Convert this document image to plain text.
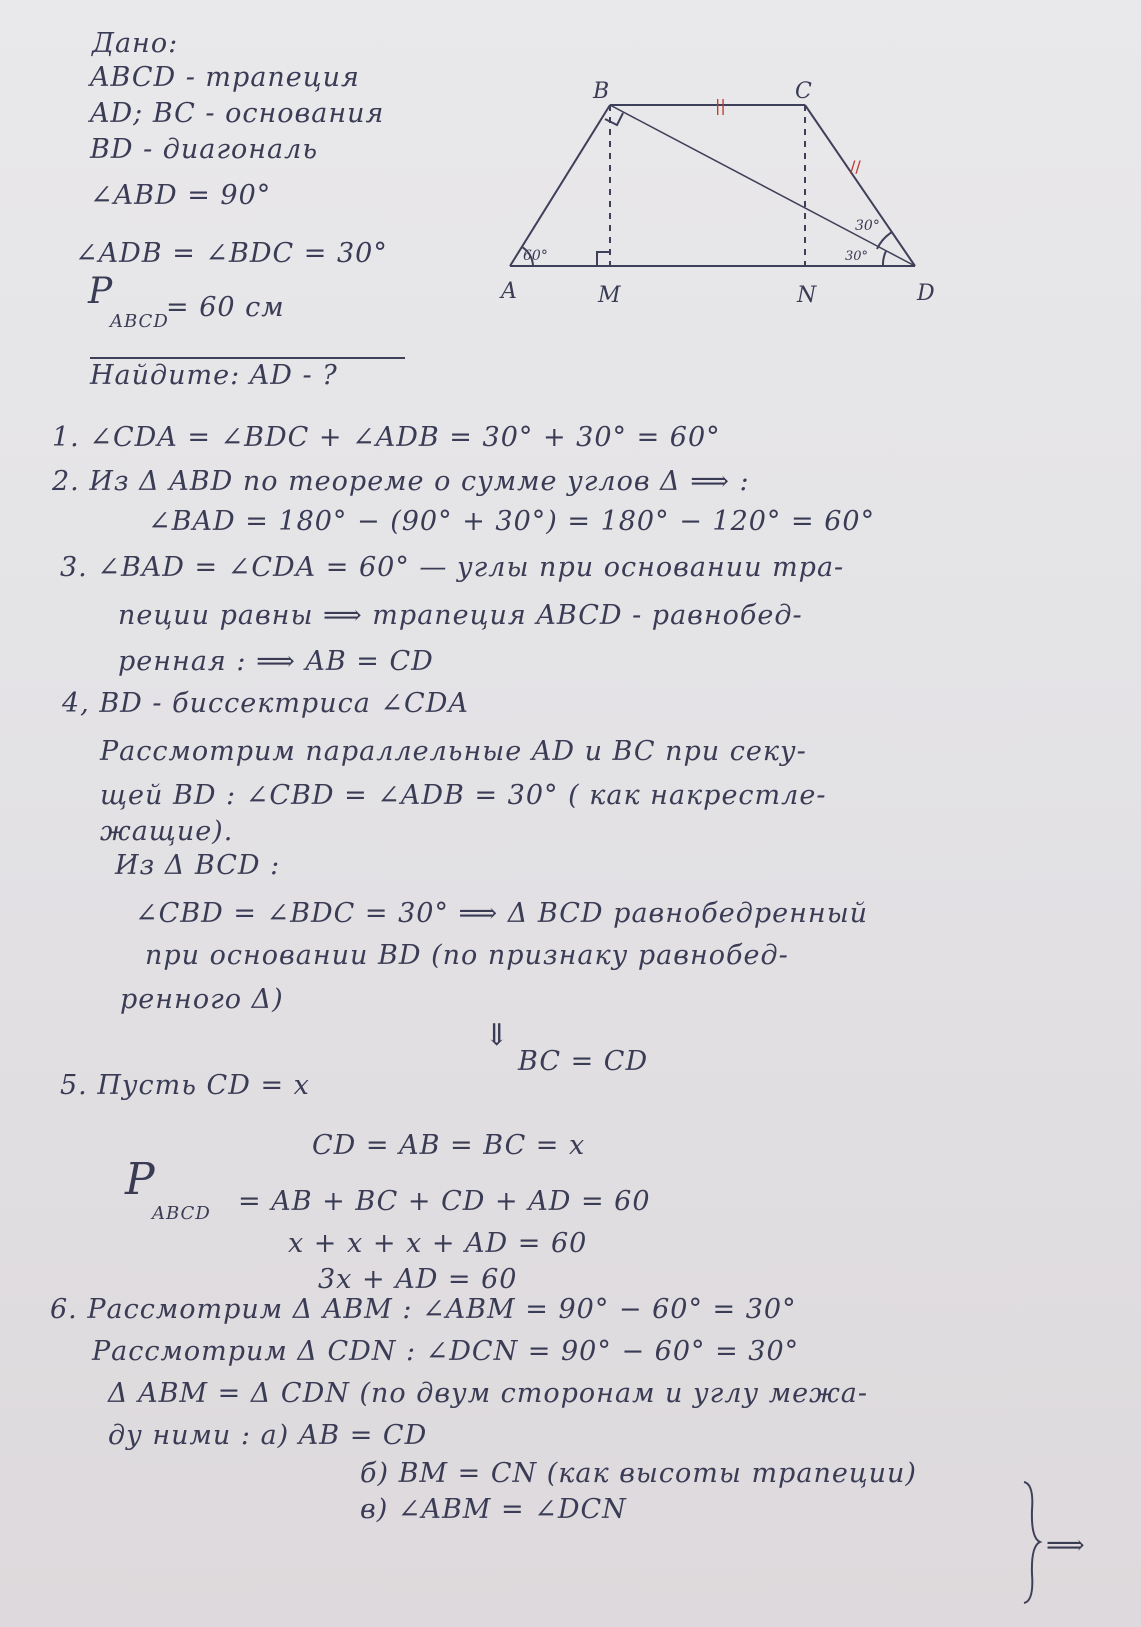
Дано:
ABCD - трапеция
AD; BC - основания
BD - диагональ
∠ABD = 90°
∠ADB = ∠BDC = 30°
P
ABCD
= 60 см
Найдите: AD - ?
60°
30°
30°
||
//
B	C
A	M	N	D
1. ∠CDA = ∠BDC + ∠ADB = 30° + 30° = 60°
2. Из Δ ABD по теореме о сумме углов Δ ⟹ :
∠BAD = 180° − (90° + 30°) = 180° − 120° = 60°
3. ∠BAD = ∠CDA = 60° — углы при основании тра-
пеции равны ⟹ трапеция ABCD - равнобед-
ренная : ⟹ AB = CD
4, BD - биссектриса ∠CDA
Рассмотрим параллельные AD и BC при секу-
щей BD : ∠CBD = ∠ADB = 30° ( как накрестле-
жащие).
Из Δ BCD :
∠CBD = ∠BDC = 30° ⟹ Δ BCD равнобедренный
при основании BD (по признаку равнобед-
ренного Δ)
⇓
BC = CD
5. Пусть CD = x
CD = AB = BC = x
P
ABCD = AB + BC + CD + AD = 60
x + x + x + AD = 60
3x + AD = 60
6. Рассмотрим Δ ABM : ∠ABM = 90° − 60° = 30°
Рассмотрим Δ CDN : ∠DCN = 90° − 60° = 30°
Δ ABM = Δ CDN (по двум сторонам и углу межа-
ду ними : а) AB = CD
б) BM = CN (как высоты трапеции)
в) ∠ABM = ∠DCN
⟹
